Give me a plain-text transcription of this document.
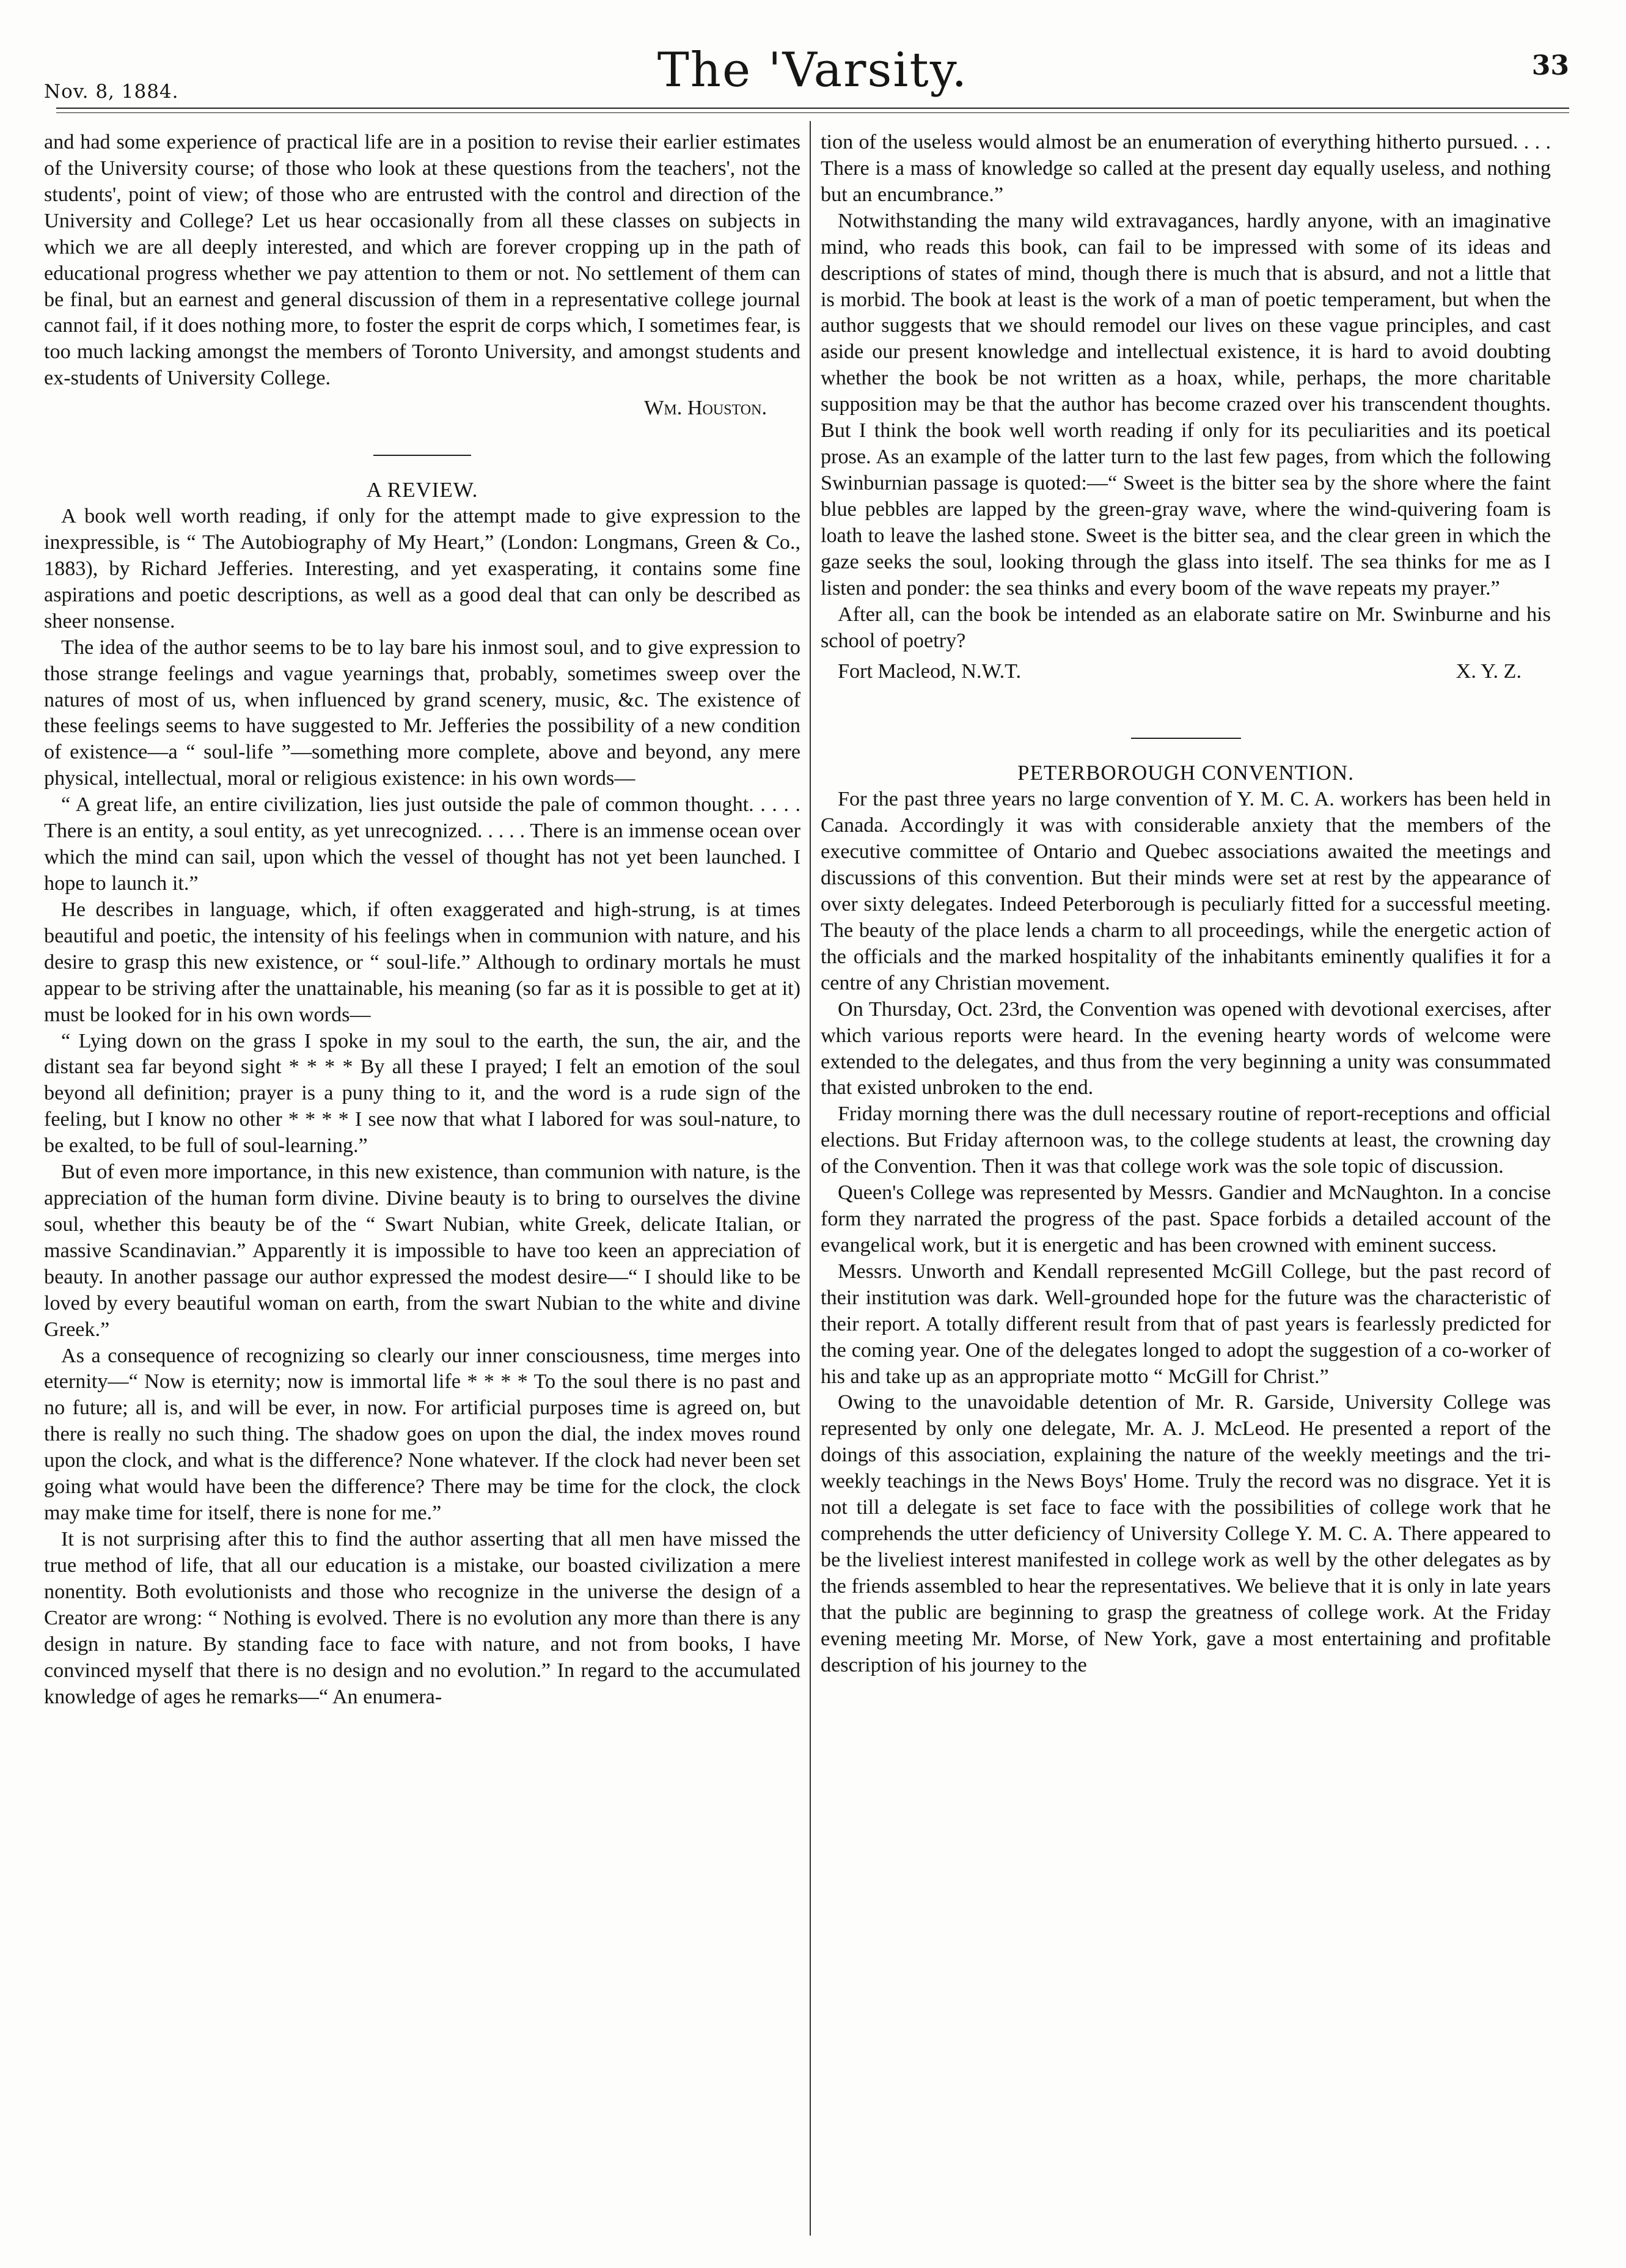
Nov. 8, 1884.	The 'Varsity.	33

and had some experience of practical life are in a position to revise their earlier estimates of the University course; of those who look at these questions from the teachers', not the students', point of view; of those who are entrusted with the control and direction of the University and College? Let us hear occasionally from all these classes on subjects in which we are all deeply interested, and which are forever cropping up in the path of educational progress whether we pay attention to them or not. No settlement of them can be final, but an earnest and general discussion of them in a representative college journal cannot fail, if it does nothing more, to foster the esprit de corps which, I sometimes fear, is too much lacking amongst the members of Toronto University, and amongst students and ex-students of University College.

Wm. Houston.

A REVIEW.

A book well worth reading, if only for the attempt made to give expression to the inexpressible, is “ The Autobiography of My Heart,” (London: Longmans, Green & Co., 1883), by Richard Jefferies. Interesting, and yet exasperating, it contains some fine aspirations and poetic descriptions, as well as a good deal that can only be described as sheer nonsense.

The idea of the author seems to be to lay bare his inmost soul, and to give expression to those strange feelings and vague yearnings that, probably, sometimes sweep over the natures of most of us, when influenced by grand scenery, music, &c. The existence of these feelings seems to have suggested to Mr. Jefferies the possibility of a new condition of existence—a “ soul-life ”—something more complete, above and beyond, any mere physical, intellectual, moral or religious existence: in his own words—

“ A great life, an entire civilization, lies just outside the pale of common thought. . . . . There is an entity, a soul entity, as yet unrecognized. . . . . There is an immense ocean over which the mind can sail, upon which the vessel of thought has not yet been launched. I hope to launch it.”

He describes in language, which, if often exaggerated and high-strung, is at times beautiful and poetic, the intensity of his feelings when in communion with nature, and his desire to grasp this new existence, or “ soul-life.” Although to ordinary mortals he must appear to be striving after the unattainable, his meaning (so far as it is possible to get at it) must be looked for in his own words—

“ Lying down on the grass I spoke in my soul to the earth, the sun, the air, and the distant sea far beyond sight * * * * By all these I prayed; I felt an emotion of the soul beyond all definition; prayer is a puny thing to it, and the word is a rude sign of the feeling, but I know no other * * * * I see now that what I labored for was soul-nature, to be exalted, to be full of soul-learning.”

But of even more importance, in this new existence, than communion with nature, is the appreciation of the human form divine. Divine beauty is to bring to ourselves the divine soul, whether this beauty be of the “ Swart Nubian, white Greek, delicate Italian, or massive Scandinavian.” Apparently it is impossible to have too keen an appreciation of beauty. In another passage our author expressed the modest desire—“ I should like to be loved by every beautiful woman on earth, from the swart Nubian to the white and divine Greek.”

As a consequence of recognizing so clearly our inner consciousness, time merges into eternity—“ Now is eternity; now is immortal life * * * * To the soul there is no past and no future; all is, and will be ever, in now. For artificial purposes time is agreed on, but there is really no such thing. The shadow goes on upon the dial, the index moves round upon the clock, and what is the difference? None whatever. If the clock had never been set going what would have been the difference? There may be time for the clock, the clock may make time for itself, there is none for me.”

It is not surprising after this to find the author asserting that all men have missed the true method of life, that all our education is a mistake, our boasted civilization a mere nonentity. Both evolutionists and those who recognize in the universe the design of a Creator are wrong: “ Nothing is evolved. There is no evolution any more than there is any design in nature. By standing face to face with nature, and not from books, I have convinced myself that there is no design and no evolution.” In regard to the accumulated knowledge of ages he remarks—“ An enumera-

tion of the useless would almost be an enumeration of everything hitherto pursued. . . . There is a mass of knowledge so called at the present day equally useless, and nothing but an encumbrance.”

Notwithstanding the many wild extravagances, hardly anyone, with an imaginative mind, who reads this book, can fail to be impressed with some of its ideas and descriptions of states of mind, though there is much that is absurd, and not a little that is morbid. The book at least is the work of a man of poetic temperament, but when the author suggests that we should remodel our lives on these vague principles, and cast aside our present knowledge and intellectual existence, it is hard to avoid doubting whether the book be not written as a hoax, while, perhaps, the more charitable supposition may be that the author has become crazed over his transcendent thoughts. But I think the book well worth reading if only for its peculiarities and its poetical prose. As an example of the latter turn to the last few pages, from which the following Swinburnian passage is quoted:—“ Sweet is the bitter sea by the shore where the faint blue pebbles are lapped by the green-gray wave, where the wind-quivering foam is loath to leave the lashed stone. Sweet is the bitter sea, and the clear green in which the gaze seeks the soul, looking through the glass into itself. The sea thinks for me as I listen and ponder: the sea thinks and every boom of the wave repeats my prayer.”

After all, can the book be intended as an elaborate satire on Mr. Swinburne and his school of poetry?

Fort Macleod, N.W.T.	X. Y. Z.

PETERBOROUGH CONVENTION.

For the past three years no large convention of Y. M. C. A. workers has been held in Canada. Accordingly it was with considerable anxiety that the members of the executive committee of Ontario and Quebec associations awaited the meetings and discussions of this convention. But their minds were set at rest by the appearance of over sixty delegates. Indeed Peterborough is peculiarly fitted for a successful meeting. The beauty of the place lends a charm to all proceedings, while the energetic action of the officials and the marked hospitality of the inhabitants eminently qualifies it for a centre of any Christian movement.

On Thursday, Oct. 23rd, the Convention was opened with devotional exercises, after which various reports were heard. In the evening hearty words of welcome were extended to the delegates, and thus from the very beginning a unity was consummated that existed unbroken to the end.

Friday morning there was the dull necessary routine of report-receptions and official elections. But Friday afternoon was, to the college students at least, the crowning day of the Convention. Then it was that college work was the sole topic of discussion.

Queen's College was represented by Messrs. Gandier and McNaughton. In a concise form they narrated the progress of the past. Space forbids a detailed account of the evangelical work, but it is energetic and has been crowned with eminent success.

Messrs. Unworth and Kendall represented McGill College, but the past record of their institution was dark. Well-grounded hope for the future was the characteristic of their report. A totally different result from that of past years is fearlessly predicted for the coming year. One of the delegates longed to adopt the suggestion of a co-worker of his and take up as an appropriate motto “ McGill for Christ.”

Owing to the unavoidable detention of Mr. R. Garside, University College was represented by only one delegate, Mr. A. J. McLeod. He presented a report of the doings of this association, explaining the nature of the weekly meetings and the tri-weekly teachings in the News Boys' Home. Truly the record was no disgrace. Yet it is not till a delegate is set face to face with the possibilities of college work that he comprehends the utter deficiency of University College Y. M. C. A. There appeared to be the liveliest interest manifested in college work as well by the other delegates as by the friends assembled to hear the representatives. We believe that it is only in late years that the public are beginning to grasp the greatness of college work. At the Friday evening meeting Mr. Morse, of New York, gave a most entertaining and profitable description of his journey to the
